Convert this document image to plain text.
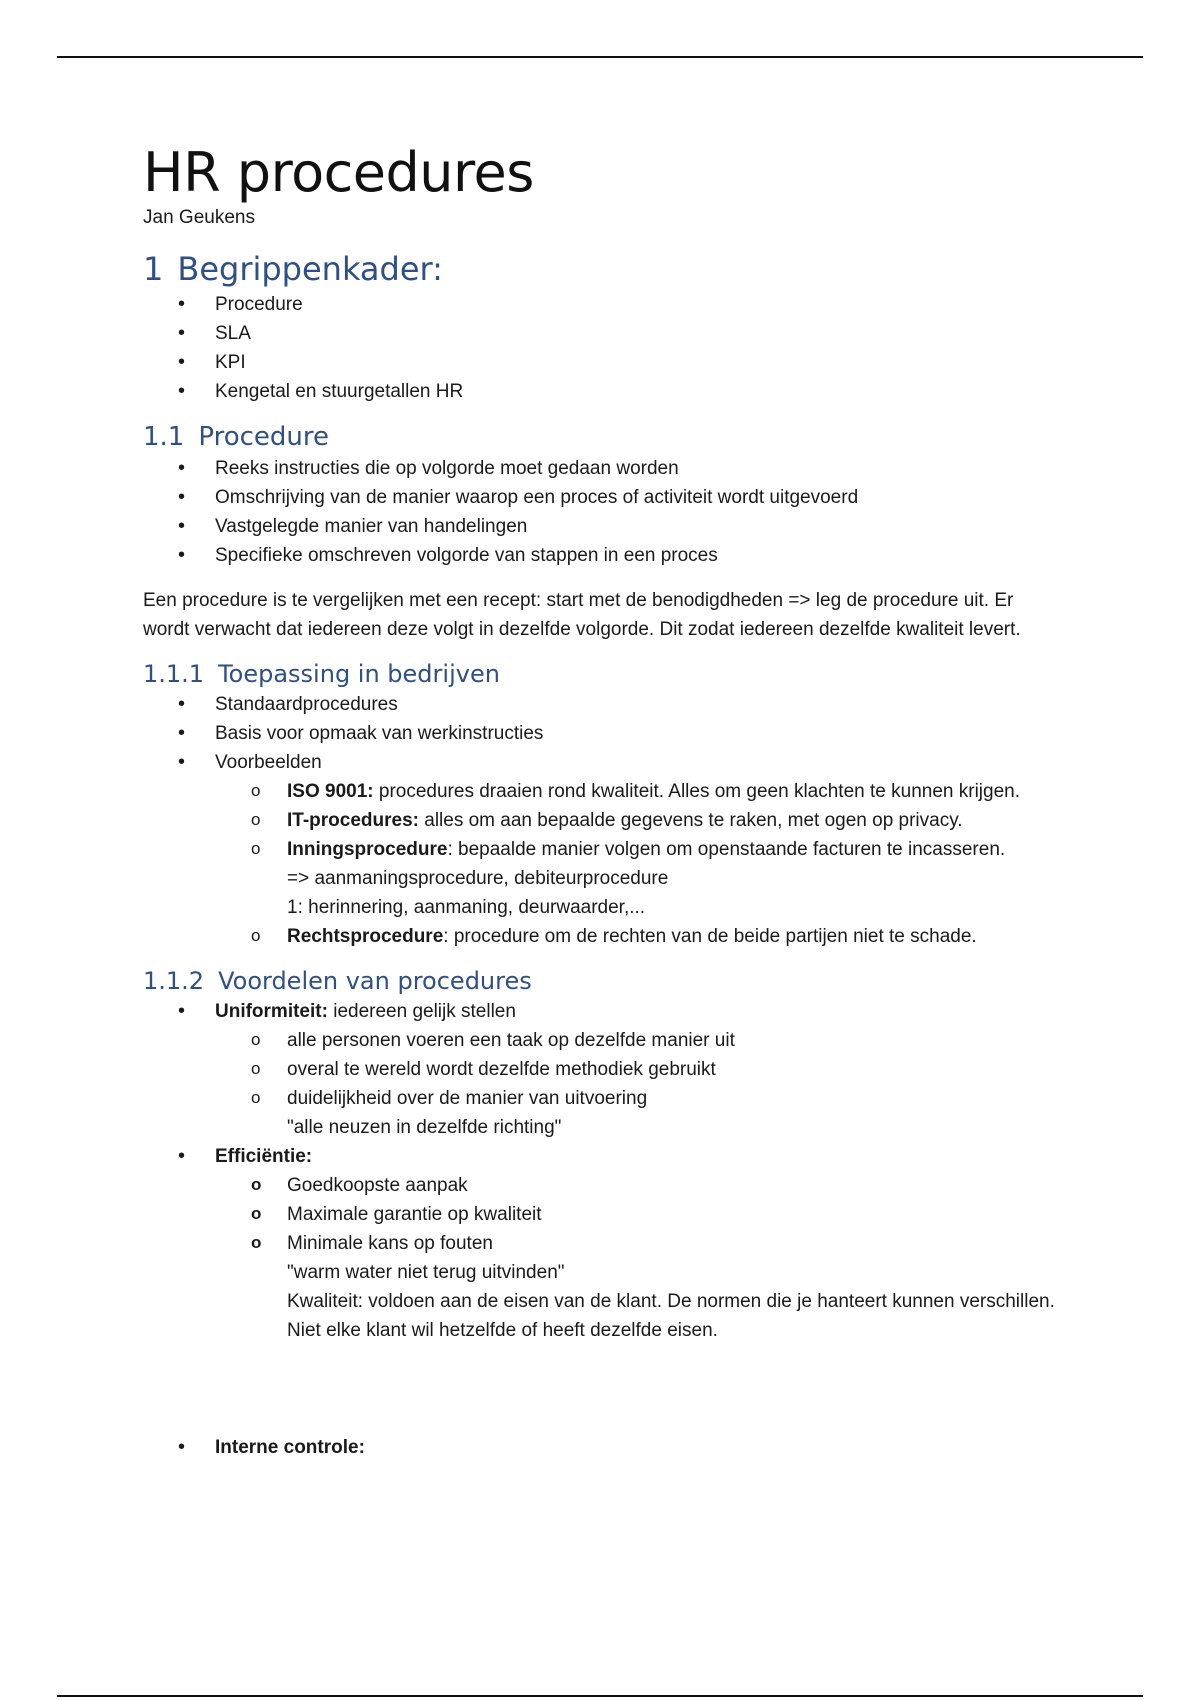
HR procedures

Jan Geukens

1 Begrippenkader:
• Procedure
• SLA
• KPI
• Kengetal en stuurgetallen HR
1.1 Procedure
• Reeks instructies die op volgorde moet gedaan worden
• Omschrijving van de manier waarop een proces of activiteit wordt uitgevoerd
• Vastgelegde manier van handelingen
• Specifieke omschreven volgorde van stappen in een proces

Een procedure is te vergelijken met een recept: start met de benodigdheden => leg de procedure uit. Er wordt verwacht dat iedereen deze volgt in dezelfde volgorde. Dit zodat iedereen dezelfde kwaliteit levert.

1.1.1 Toepassing in bedrijven
• Standaardprocedures
• Basis voor opmaak van werkinstructies
• Voorbeelden
o ISO 9001: procedures draaien rond kwaliteit. Alles om geen klachten te kunnen krijgen.
o IT-procedures: alles om aan bepaalde gegevens te raken, met ogen op privacy.
o Inningsprocedure: bepaalde manier volgen om openstaande facturen te incasseren.
=> aanmaningsprocedure, debiteurprocedure
1: herinnering, aanmaning, deurwaarder,...
o Rechtsprocedure: procedure om de rechten van de beide partijen niet te schade.
1.1.2 Voordelen van procedures
• Uniformiteit: iedereen gelijk stellen
o alle personen voeren een taak op dezelfde manier uit
o overal te wereld wordt dezelfde methodiek gebruikt
o duidelijkheid over de manier van uitvoering
"alle neuzen in dezelfde richting"
• Efficiëntie:
o Goedkoopste aanpak
o Maximale garantie op kwaliteit
o Minimale kans op fouten
"warm water niet terug uitvinden"
Kwaliteit: voldoen aan de eisen van de klant. De normen die je hanteert kunnen verschillen. Niet elke klant wil hetzelfde of heeft dezelfde eisen.
• Interne controle:
